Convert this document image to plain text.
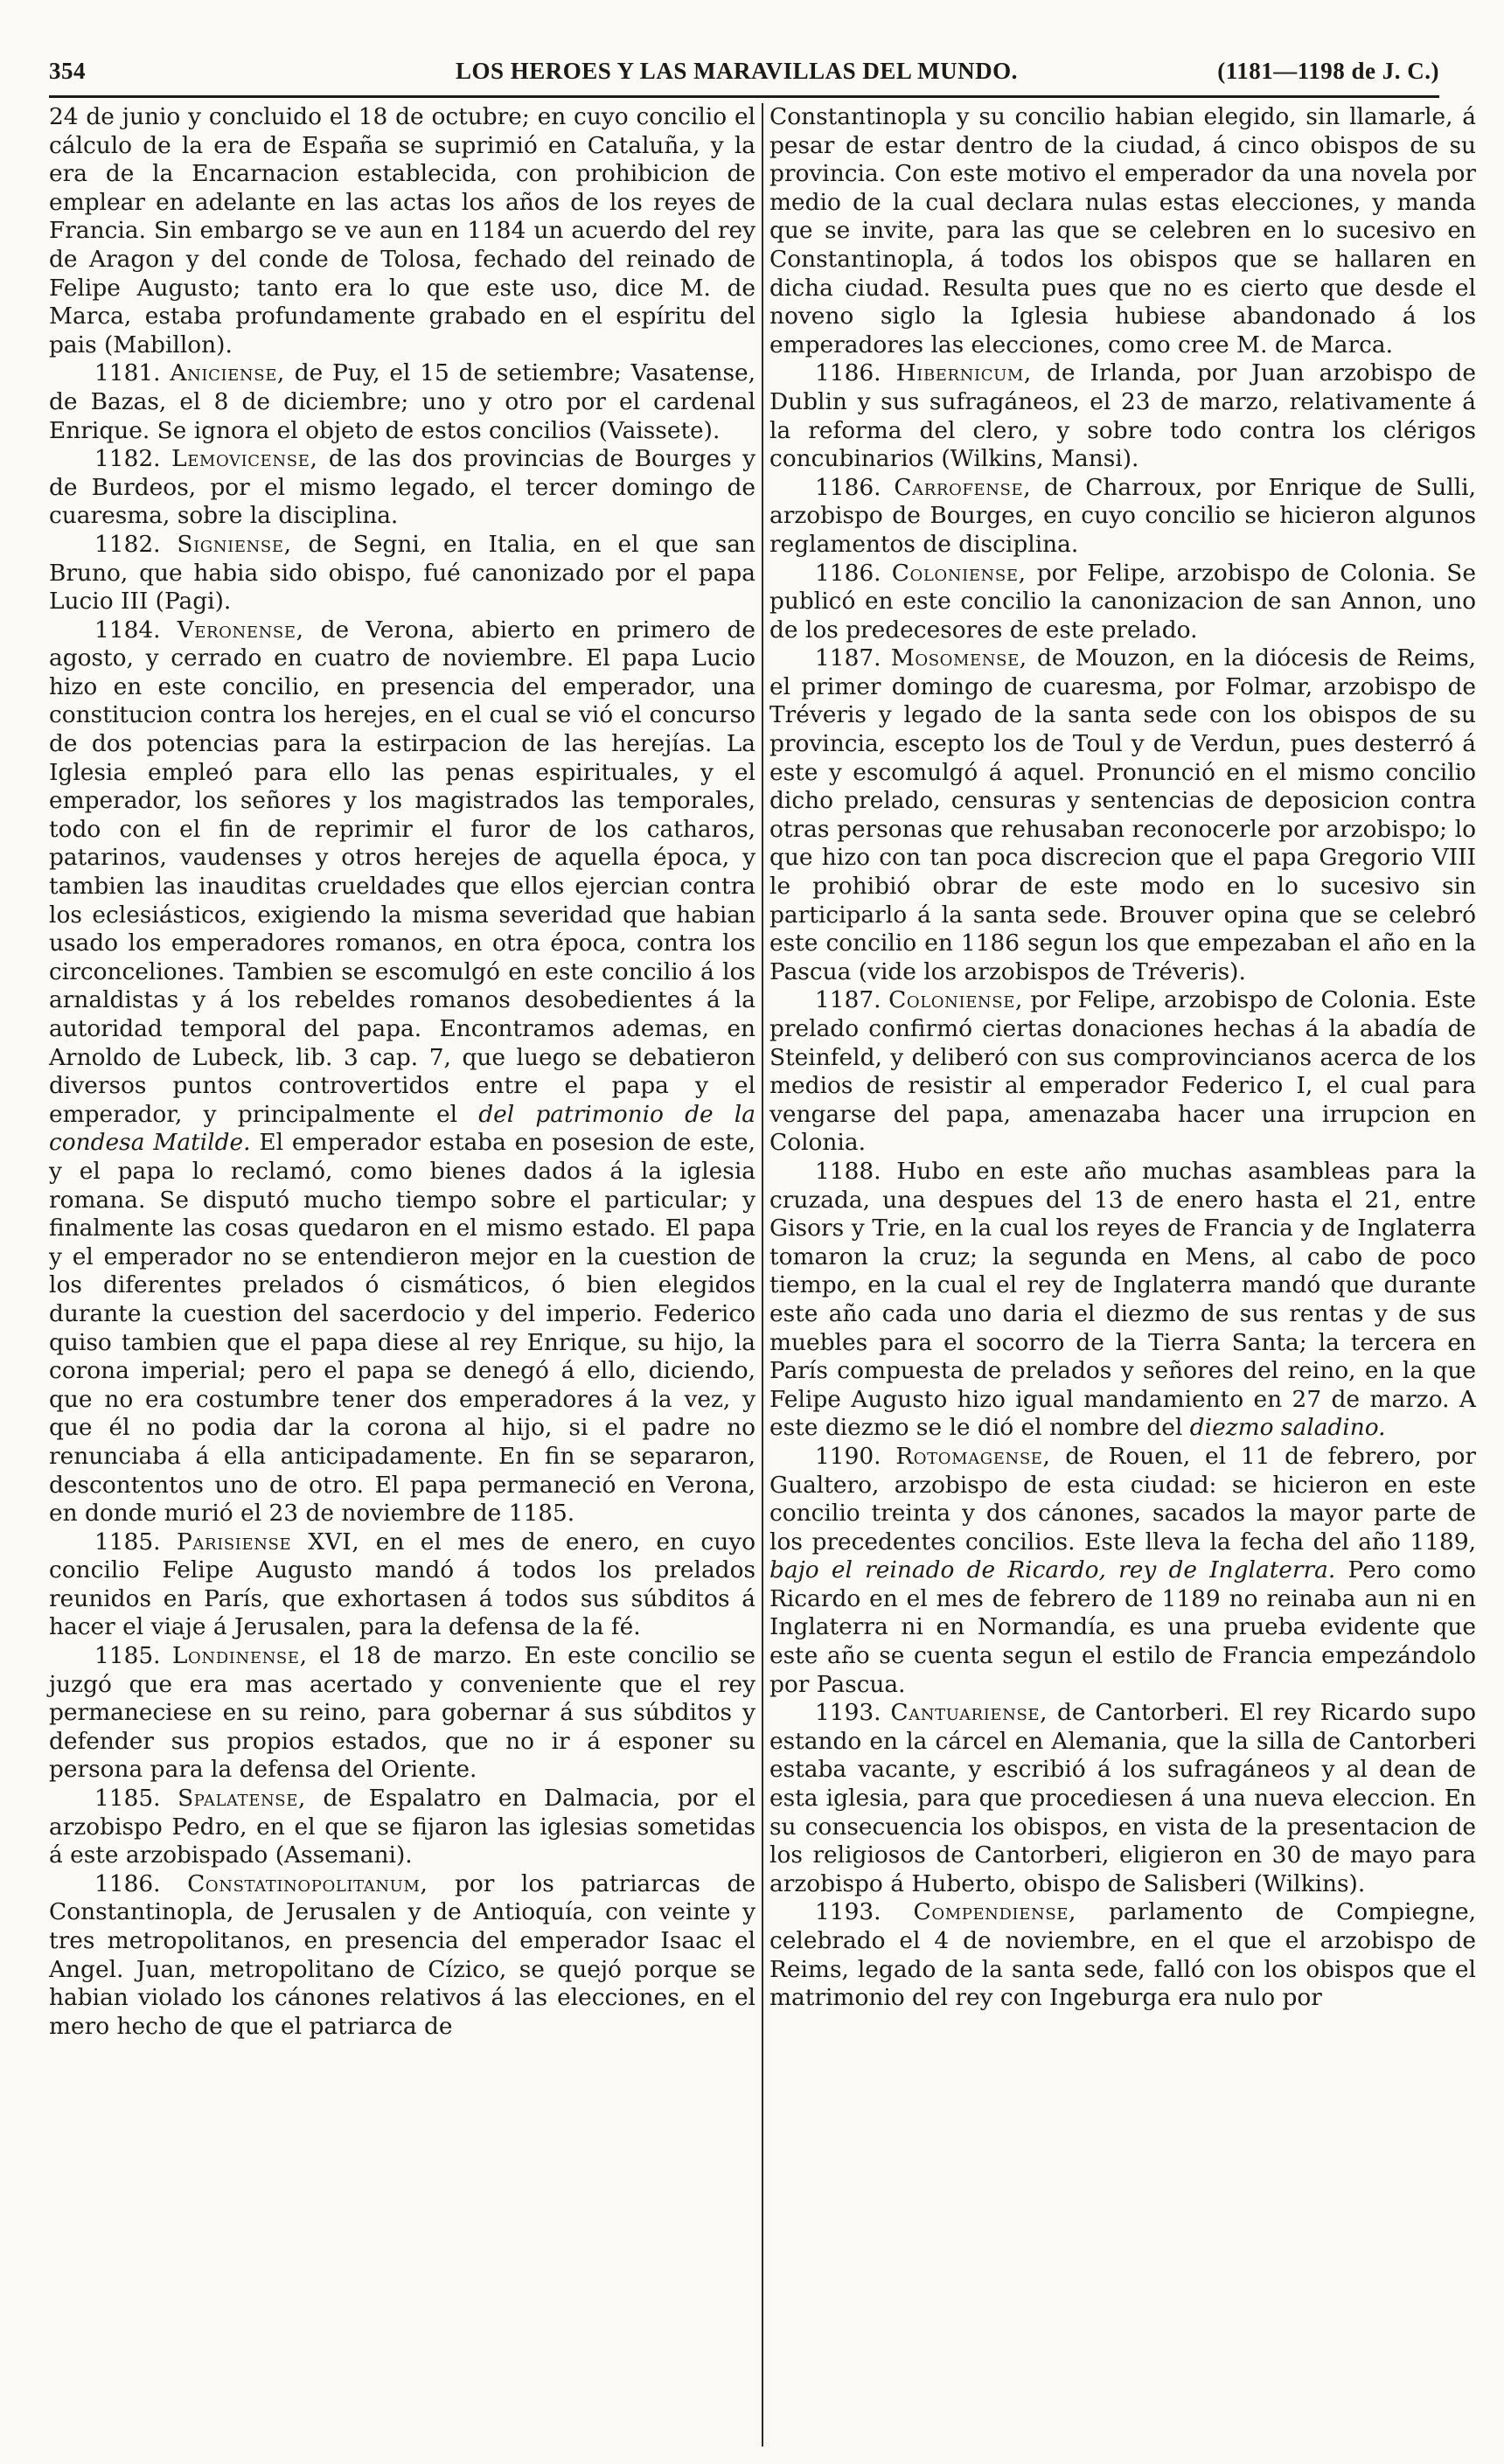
354	LOS HEROES Y LAS MARAVILLAS DEL MUNDO.	(1181—1198 de J. C.)

24 de junio y concluido el 18 de octubre; en cuyo concilio el cálculo de la era de España se suprimió en Cataluña, y la era de la Encarnacion establecida, con prohibicion de emplear en adelante en las actas los años de los reyes de Francia. Sin embargo se ve aun en 1184 un acuerdo del rey de Aragon y del conde de Tolosa, fechado del reinado de Felipe Augusto; tanto era lo que este uso, dice M. de Marca, estaba profundamente grabado en el espíritu del pais (Mabillon).

1181. Aniciense, de Puy, el 15 de setiembre; Vasatense, de Bazas, el 8 de diciembre; uno y otro por el cardenal Enrique. Se ignora el objeto de estos concilios (Vaissete).

1182. Lemovicense, de las dos provincias de Bourges y de Burdeos, por el mismo legado, el tercer domingo de cuaresma, sobre la disciplina.

1182. Signiense, de Segni, en Italia, en el que san Bruno, que habia sido obispo, fué canonizado por el papa Lucio III (Pagi).

1184. Veronense, de Verona, abierto en primero de agosto, y cerrado en cuatro de noviembre. El papa Lucio hizo en este concilio, en presencia del emperador, una constitucion contra los herejes, en el cual se vió el concurso de dos potencias para la estirpacion de las herejías. La Iglesia empleó para ello las penas espirituales, y el emperador, los señores y los magistrados las temporales, todo con el fin de reprimir el furor de los catharos, patarinos, vaudenses y otros herejes de aquella época, y tambien las inauditas crueldades que ellos ejercian contra los eclesiásticos, exigiendo la misma severidad que habian usado los emperadores romanos, en otra época, contra los circonceliones. Tambien se escomulgó en este concilio á los arnaldistas y á los rebeldes romanos desobedientes á la autoridad temporal del papa. Encontramos ademas, en Arnoldo de Lubeck, lib. 3 cap. 7, que luego se debatieron diversos puntos controvertidos entre el papa y el emperador, y principalmente el del patrimonio de la condesa Matilde. El emperador estaba en posesion de este, y el papa lo reclamó, como bienes dados á la iglesia romana. Se disputó mucho tiempo sobre el particular; y finalmente las cosas quedaron en el mismo estado. El papa y el emperador no se entendieron mejor en la cuestion de los diferentes prelados ó cismáticos, ó bien elegidos durante la cuestion del sacerdocio y del imperio. Federico quiso tambien que el papa diese al rey Enrique, su hijo, la corona imperial; pero el papa se denegó á ello, diciendo, que no era costumbre tener dos emperadores á la vez, y que él no podia dar la corona al hijo, si el padre no renunciaba á ella anticipadamente. En fin se separaron, descontentos uno de otro. El papa permaneció en Verona, en donde murió el 23 de noviembre de 1185.

1185. Parisiense XVI, en el mes de enero, en cuyo concilio Felipe Augusto mandó á todos los prelados reunidos en París, que exhortasen á todos sus súbditos á hacer el viaje á Jerusalen, para la defensa de la fé.

1185. Londinense, el 18 de marzo. En este concilio se juzgó que era mas acertado y conveniente que el rey permaneciese en su reino, para gobernar á sus súbditos y defender sus propios estados, que no ir á esponer su persona para la defensa del Oriente.

1185. Spalatense, de Espalatro en Dalmacia, por el arzobispo Pedro, en el que se fijaron las iglesias sometidas á este arzobispado (Assemani).

1186. Constatinopolitanum, por los patriarcas de Constantinopla, de Jerusalen y de Antioquía, con veinte y tres metropolitanos, en presencia del emperador Isaac el Angel. Juan, metropolitano de Cízico, se quejó porque se habian violado los cánones relativos á las elecciones, en el mero hecho de que el patriarca de

Constantinopla y su concilio habian elegido, sin llamarle, á pesar de estar dentro de la ciudad, á cinco obispos de su provincia. Con este motivo el emperador da una novela por medio de la cual declara nulas estas elecciones, y manda que se invite, para las que se celebren en lo sucesivo en Constantinopla, á todos los obispos que se hallaren en dicha ciudad. Resulta pues que no es cierto que desde el noveno siglo la Iglesia hubiese abandonado á los emperadores las elecciones, como cree M. de Marca.

1186. Hibernicum, de Irlanda, por Juan arzobispo de Dublin y sus sufragáneos, el 23 de marzo, relativamente á la reforma del clero, y sobre todo contra los clérigos concubinarios (Wilkins, Mansi).

1186. Carrofense, de Charroux, por Enrique de Sulli, arzobispo de Bourges, en cuyo concilio se hicieron algunos reglamentos de disciplina.

1186. Coloniense, por Felipe, arzobispo de Colonia. Se publicó en este concilio la canonizacion de san Annon, uno de los predecesores de este prelado.

1187. Mosomense, de Mouzon, en la diócesis de Reims, el primer domingo de cuaresma, por Folmar, arzobispo de Tréveris y legado de la santa sede con los obispos de su provincia, escepto los de Toul y de Verdun, pues desterró á este y escomulgó á aquel. Pronunció en el mismo concilio dicho prelado, censuras y sentencias de deposicion contra otras personas que rehusaban reconocerle por arzobispo; lo que hizo con tan poca discrecion que el papa Gregorio VIII le prohibió obrar de este modo en lo sucesivo sin participarlo á la santa sede. Brouver opina que se celebró este concilio en 1186 segun los que empezaban el año en la Pascua (vide los arzobispos de Tréveris).

1187. Coloniense, por Felipe, arzobispo de Colonia. Este prelado confirmó ciertas donaciones hechas á la abadía de Steinfeld, y deliberó con sus comprovincianos acerca de los medios de resistir al emperador Federico I, el cual para vengarse del papa, amenazaba hacer una irrupcion en Colonia.

1188. Hubo en este año muchas asambleas para la cruzada, una despues del 13 de enero hasta el 21, entre Gisors y Trie, en la cual los reyes de Francia y de Inglaterra tomaron la cruz; la segunda en Mens, al cabo de poco tiempo, en la cual el rey de Inglaterra mandó que durante este año cada uno daria el diezmo de sus rentas y de sus muebles para el socorro de la Tierra Santa; la tercera en París compuesta de prelados y señores del reino, en la que Felipe Augusto hizo igual mandamiento en 27 de marzo. A este diezmo se le dió el nombre del diezmo saladino.

1190. Rotomagense, de Rouen, el 11 de febrero, por Gualtero, arzobispo de esta ciudad: se hicieron en este concilio treinta y dos cánones, sacados la mayor parte de los precedentes concilios. Este lleva la fecha del año 1189, bajo el reinado de Ricardo, rey de Inglaterra. Pero como Ricardo en el mes de febrero de 1189 no reinaba aun ni en Inglaterra ni en Normandía, es una prueba evidente que este año se cuenta segun el estilo de Francia empezándolo por Pascua.

1193. Cantuariense, de Cantorberi. El rey Ricardo supo estando en la cárcel en Alemania, que la silla de Cantorberi estaba vacante, y escribió á los sufragáneos y al dean de esta iglesia, para que procediesen á una nueva eleccion. En su consecuencia los obispos, en vista de la presentacion de los religiosos de Cantorberi, eligieron en 30 de mayo para arzobispo á Huberto, obispo de Salisberi (Wilkins).

1193. Compendiense, parlamento de Compiegne, celebrado el 4 de noviembre, en el que el arzobispo de Reims, legado de la santa sede, falló con los obispos que el matrimonio del rey con Ingeburga era nulo por
